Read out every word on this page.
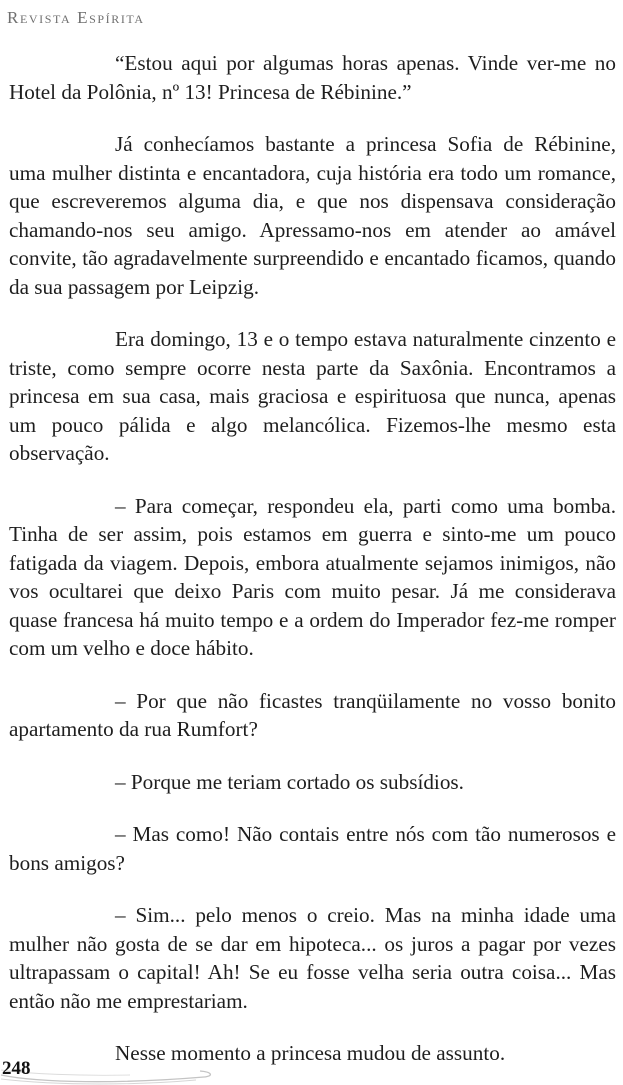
Revista Espírita

“Estou aqui por algumas horas apenas. Vinde ver-me no Hotel da Polônia, nº 13! Princesa de Rébinine.”

Já conhecíamos bastante a princesa Sofia de Rébinine, uma mulher distinta e encantadora, cuja história era todo um romance, que escreveremos alguma dia, e que nos dispensava consideração chamando-nos seu amigo. Apressamo-nos em atender ao amável convite, tão agradavelmente surpreendido e encantado ficamos, quando da sua passagem por Leipzig.

Era domingo, 13 e o tempo estava naturalmente cinzento e triste, como sempre ocorre nesta parte da Saxônia. Encontramos a princesa em sua casa, mais graciosa e espirituosa que nunca, apenas um pouco pálida e algo melancólica. Fizemos-lhe mesmo esta observação.

– Para começar, respondeu ela, parti como uma bomba. Tinha de ser assim, pois estamos em guerra e sinto-me um pouco fatigada da viagem. Depois, embora atualmente sejamos inimigos, não vos ocultarei que deixo Paris com muito pesar. Já me considerava quase francesa há muito tempo e a ordem do Imperador fez-me romper com um velho e doce hábito.

– Por que não ficastes tranqüilamente no vosso bonito apartamento da rua Rumfort?

– Porque me teriam cortado os subsídios.

– Mas como! Não contais entre nós com tão numerosos e bons amigos?

– Sim... pelo menos o creio. Mas na minha idade uma mulher não gosta de se dar em hipoteca... os juros a pagar por vezes ultrapassam o capital! Ah! Se eu fosse velha seria outra coisa... Mas então não me emprestariam.

Nesse momento a princesa mudou de assunto.

248
